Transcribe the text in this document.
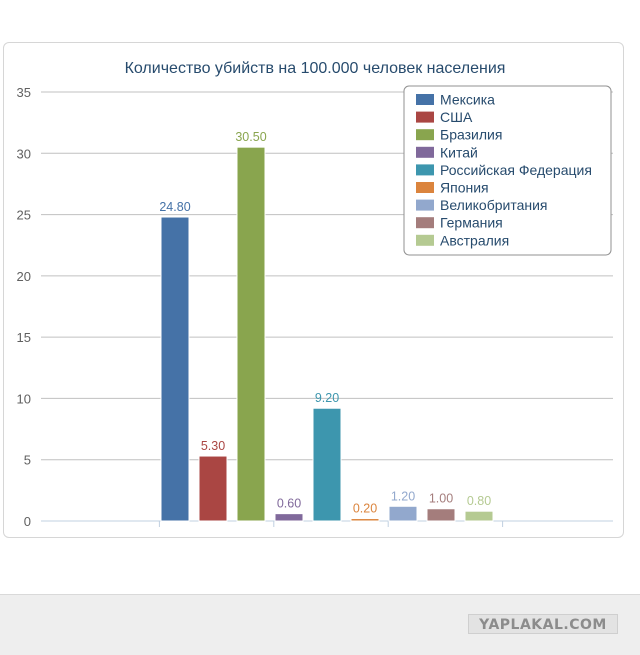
Количество убийств на 100.000 человек населения
0
5
10
15
20
25
30
35
24.80
5.30
30.50
0.60
9.20
0.20
1.20 1.00 0.80
Мексика
США
Бразилия
Китай
Российская Федерация
Япония
Великобритания
Германия
Австралия
YAPLAKAL.COM
